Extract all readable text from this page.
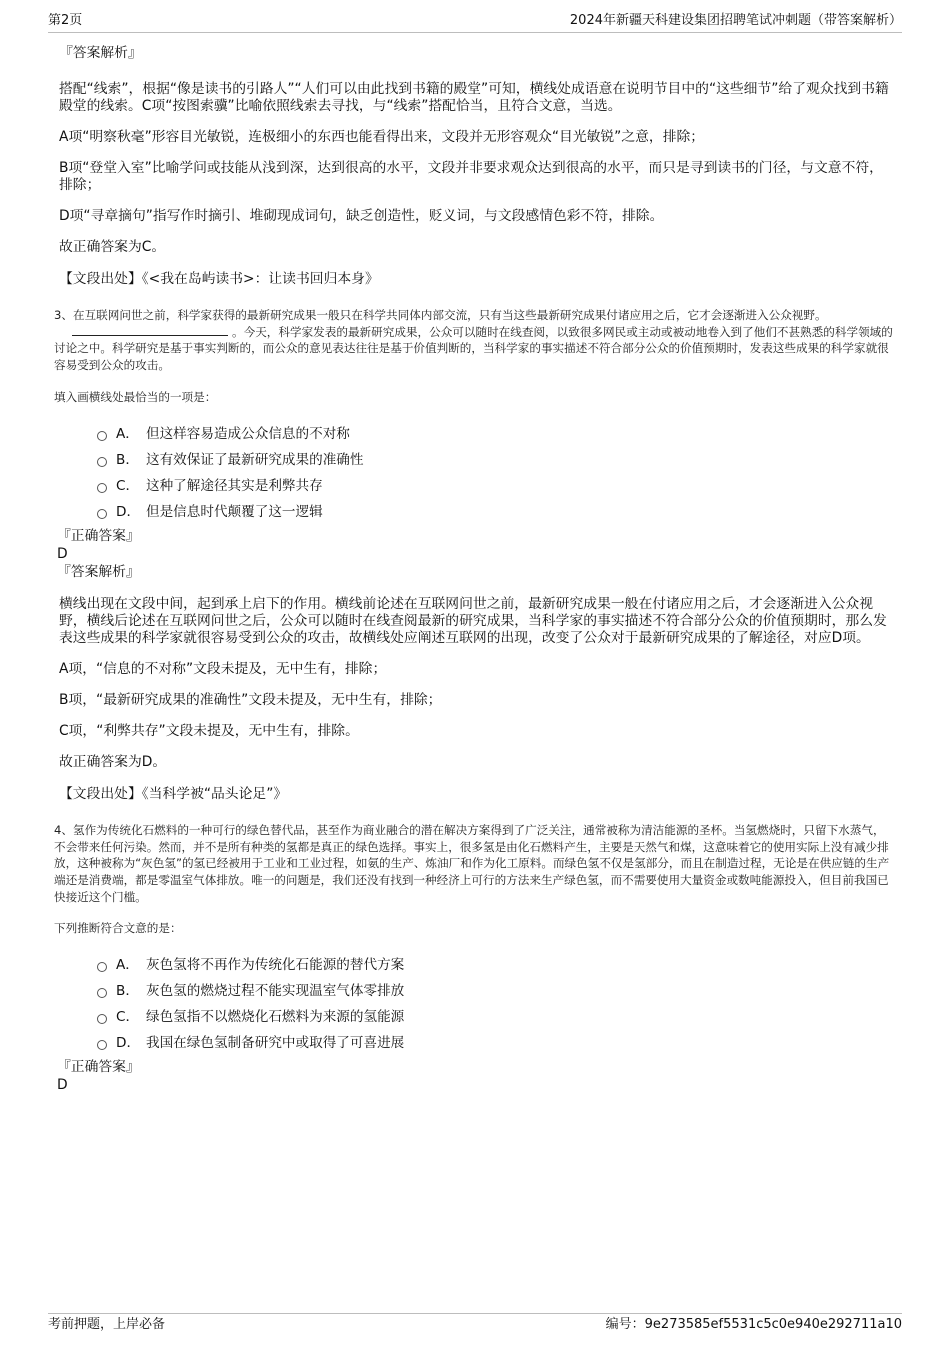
第2页	2024年新疆天科建设集团招聘笔试冲刺题（带答案解析）

『答案解析』

搭配“线索”，根据“像是读书的引路人”“人们可以由此找到书籍的殿堂”可知，横线处成语意在说明节目中的“这些细节”给了观众找到书籍殿堂的线索。C项“按图索骥”比喻依照线索去寻找，与“线索”搭配恰当，且符合文意，当选。

A项“明察秋毫”形容目光敏锐，连极细小的东西也能看得出来，文段并无形容观众“目光敏锐”之意，排除；

B项“登堂入室”比喻学问或技能从浅到深，达到很高的水平，文段并非要求观众达到很高的水平，而只是寻到读书的门径，与文意不符，排除；

D项“寻章摘句”指写作时摘引、堆砌现成词句，缺乏创造性，贬义词，与文段感情色彩不符，排除。

故正确答案为C。

【文段出处】《<我在岛屿读书>：让读书回归本身》

3、在互联网问世之前，科学家获得的最新研究成果一般只在科学共同体内部交流，只有当这些最新研究成果付诸应用之后，它才会逐渐进入公众视野。。今天，科学家发表的最新研究成果，公众可以随时在线查阅，以致很多网民或主动或被动地卷入到了他们不甚熟悉的科学领域的讨论之中。科学研究是基于事实判断的，而公众的意见表达往往是基于价值判断的，当科学家的事实描述不符合部分公众的价值预期时，发表这些成果的科学家就很容易受到公众的攻击。

填入画横线处最恰当的一项是：

A． 但这样容易造成公众信息的不对称
B． 这有效保证了最新研究成果的准确性
C． 这种了解途径其实是利弊共存
D． 但是信息时代颠覆了这一逻辑

『正确答案』

D

『答案解析』

横线出现在文段中间，起到承上启下的作用。横线前论述在互联网问世之前，最新研究成果一般在付诸应用之后，才会逐渐进入公众视野，横线后论述在互联网问世之后，公众可以随时在线查阅最新的研究成果，当科学家的事实描述不符合部分公众的价值预期时，那么发表这些成果的科学家就很容易受到公众的攻击，故横线处应阐述互联网的出现，改变了公众对于最新研究成果的了解途径，对应D项。

A项，“信息的不对称”文段未提及，无中生有，排除；

B项，“最新研究成果的准确性”文段未提及，无中生有，排除；

C项，“利弊共存”文段未提及，无中生有，排除。

故正确答案为D。

【文段出处】《当科学被“品头论足”》

4、氢作为传统化石燃料的一种可行的绿色替代品，甚至作为商业融合的潜在解决方案得到了广泛关注，通常被称为清洁能源的圣杯。当氢燃烧时，只留下水蒸气，不会带来任何污染。然而，并不是所有种类的氢都是真正的绿色选择。事实上，很多氢是由化石燃料产生，主要是天然气和煤，这意味着它的使用实际上没有减少排放，这种被称为“灰色氢”的氢已经被用于工业和工业过程，如氨的生产、炼油厂和作为化工原料。而绿色氢不仅是氢部分，而且在制造过程，无论是在供应链的生产端还是消费端，都是零温室气体排放。唯一的问题是，我们还没有找到一种经济上可行的方法来生产绿色氢，而不需要使用大量资金或数吨能源投入，但目前我国已快接近这个门槛。

下列推断符合文意的是：

A． 灰色氢将不再作为传统化石能源的替代方案
B． 灰色氢的燃烧过程不能实现温室气体零排放
C． 绿色氢指不以燃烧化石燃料为来源的氢能源
D． 我国在绿色氢制备研究中或取得了可喜进展

『正确答案』

D

考前押题，上岸必备	编号：9e273585ef5531c5c0e940e292711a10
